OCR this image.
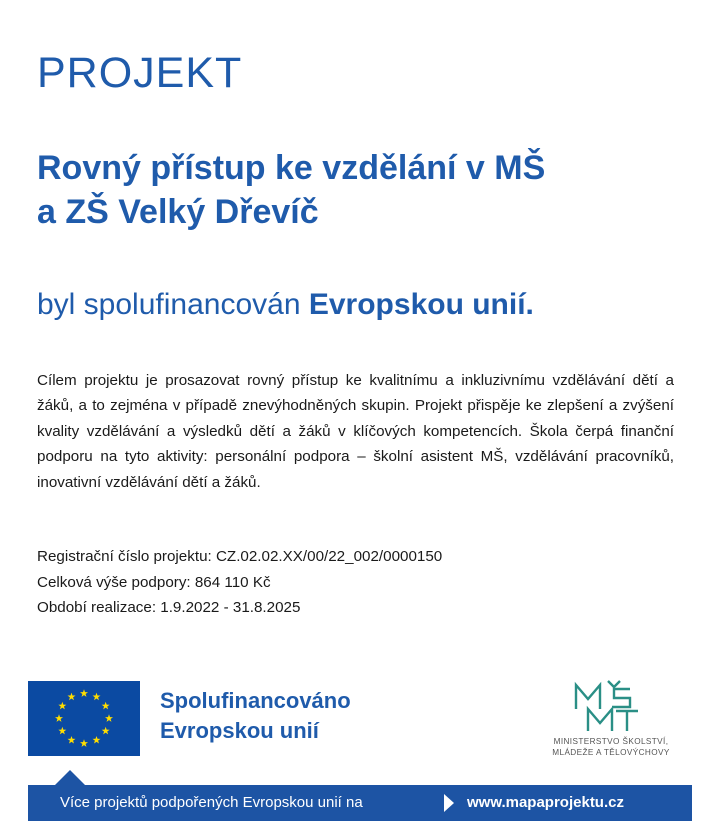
PROJEKT
Rovný přístup ke vzdělání v MŠ
a ZŠ Velký Dřevíč
byl spolufinancován Evropskou unií.
Cílem projektu je prosazovat rovný přístup ke kvalitnímu a inkluzivnímu vzdělávání dětí a žáků, a to zejména v případě znevýhodněných skupin. Projekt přispěje ke zlepšení a zvýšení kvality vzdělávání a výsledků dětí a žáků v klíčových kompetencích. Škola čerpá finanční podporu na tyto aktivity: personální podpora – školní asistent MŠ, vzdělávání pracovníků, inovativní vzdělávání dětí a žáků.
Registrační číslo projektu: CZ.02.02.XX/00/22_002/0000150
Celková výše podpory: 864 110 Kč
Období realizace: 1.9.2022 - 31.8.2025
Spolufinancováno
Evropskou unií	MINISTERSTVO ŠKOLSTVÍ,
MLÁDEŽE A TĚLOVÝCHOVY
Více projektů podpořených Evropskou unií na	www.mapaprojektu.cz
